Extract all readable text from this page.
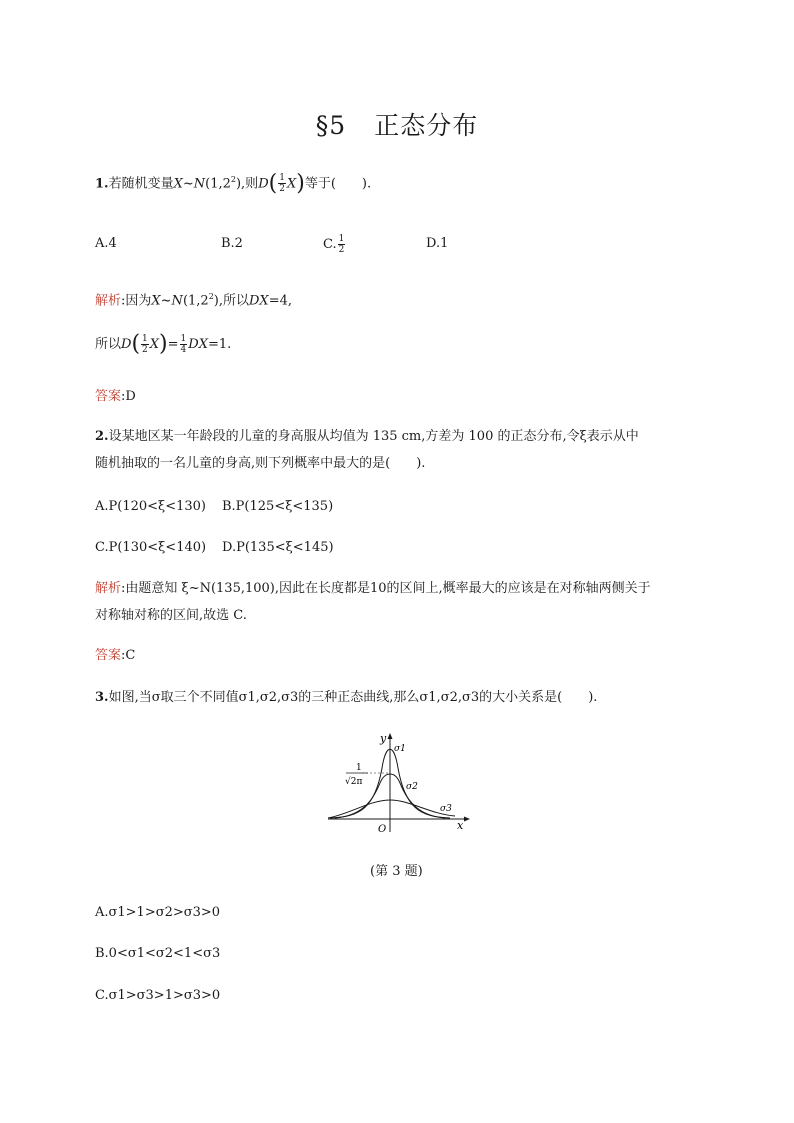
§5 正态分布
1.若随机变量$X\sim N(1,2^2)$,则$D( \frac{1}{2} X)$等于(　　).
A.4	B.2	C. $\frac{1}{2}$	D.1
解析:因为$X\sim N(1,2^2)$,所以DX=4,
所以$D( \frac{1}{2} X)= \frac{1}{4} DX=1$.
答案:D
2.设某地区某一年龄段的儿童的身高服从均值为 135 cm,方差为 100 的正态分布,令ξ表示从中
随机抽取的一名儿童的身高,则下列概率中最大的是(　　).
A.P(120<ξ<130) B.P(125<ξ<135)
C.P(130<ξ<140) D.P(135<ξ<145)
解析:由题意知 ξ~N(135,100),因此在长度都是10的区间上,概率最大的应该是在对称轴两侧关于
对称轴对称的区间,故选 C.
答案:C
3.如图,当σ取三个不同值σ1,σ2,σ3的三种正态曲线,那么σ1,σ2,σ3的大小关系是(　　).
y
x
O
σ1
σ2
σ3
1
√2π
(第 3 题)
A.σ1>1>σ2>σ3>0
B.0<σ1<σ2<1<σ3
C.σ1>σ3>1>σ3>0
